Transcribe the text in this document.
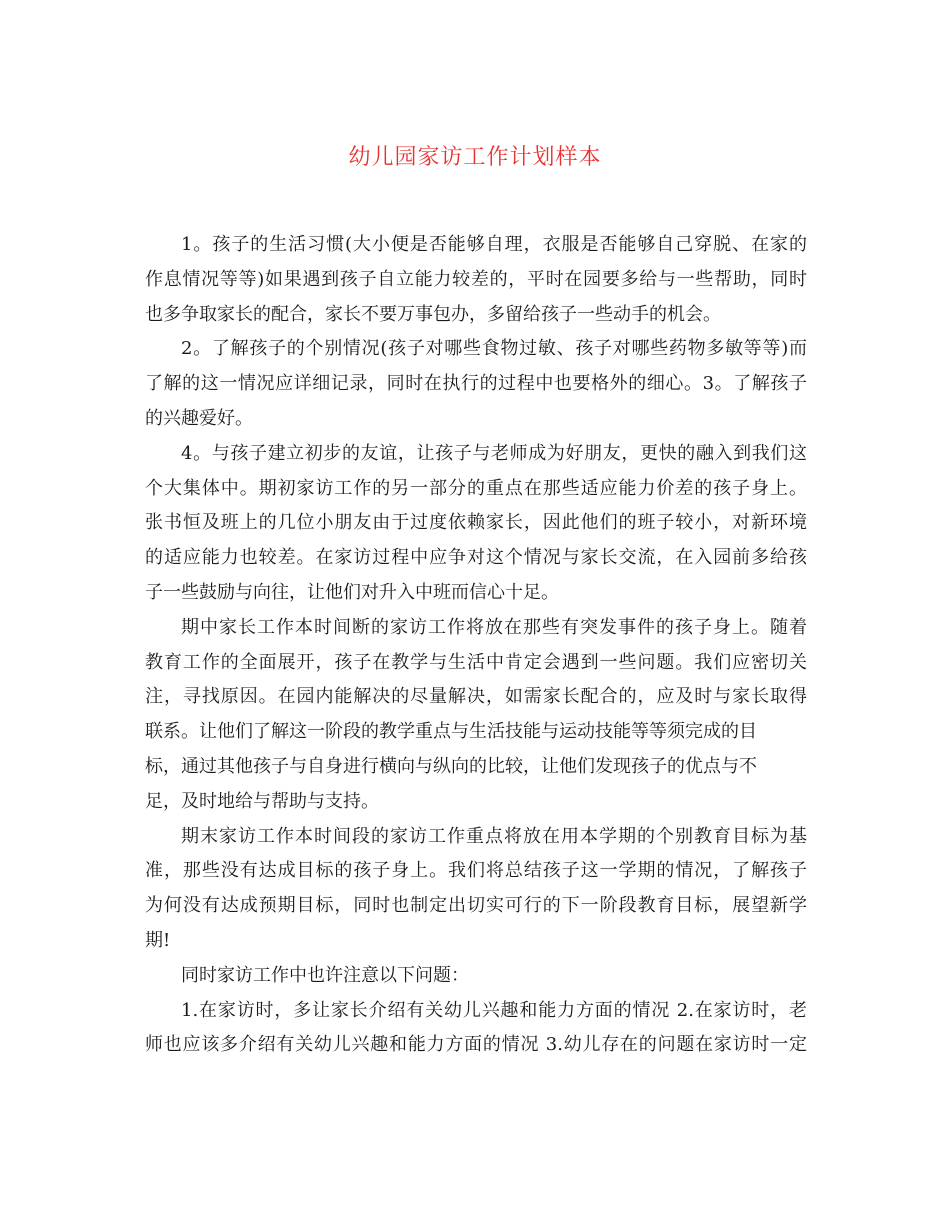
幼儿园家访工作计划样本
1。孩子的生活习惯(大小便是否能够自理，衣服是否能够自己穿脱、在家的
作息情况等等)如果遇到孩子自立能力较差的，平时在园要多给与一些帮助，同时
也多争取家长的配合，家长不要万事包办，多留给孩子一些动手的机会。
2。了解孩子的个别情况(孩子对哪些食物过敏、孩子对哪些药物多敏等等)而
了解的这一情况应详细记录，同时在执行的过程中也要格外的细心。3。了解孩子
的兴趣爱好。
4。与孩子建立初步的友谊，让孩子与老师成为好朋友，更快的融入到我们这
个大集体中。期初家访工作的另一部分的重点在那些适应能力价差的孩子身上。
张书恒及班上的几位小朋友由于过度依赖家长，因此他们的班子较小，对新环境
的适应能力也较差。在家访过程中应争对这个情况与家长交流，在入园前多给孩
子一些鼓励与向往，让他们对升入中班而信心十足。
期中家长工作本时间断的家访工作将放在那些有突发事件的孩子身上。随着
教育工作的全面展开，孩子在教学与生活中肯定会遇到一些问题。我们应密切关
注，寻找原因。在园内能解决的尽量解决，如需家长配合的，应及时与家长取得
联系。让他们了解这一阶段的教学重点与生活技能与运动技能等等须完成的目
标，通过其他孩子与自身进行横向与纵向的比较，让他们发现孩子的优点与不
足，及时地给与帮助与支持。
期末家访工作本时间段的家访工作重点将放在用本学期的个别教育目标为基
准，那些没有达成目标的孩子身上。我们将总结孩子这一学期的情况，了解孩子
为何没有达成预期目标，同时也制定出切实可行的下一阶段教育目标，展望新学
期!
同时家访工作中也许注意以下问题：
1.在家访时，多让家长介绍有关幼儿兴趣和能力方面的情况 2.在家访时，老
师也应该多介绍有关幼儿兴趣和能力方面的情况 3.幼儿存在的问题在家访时一定
